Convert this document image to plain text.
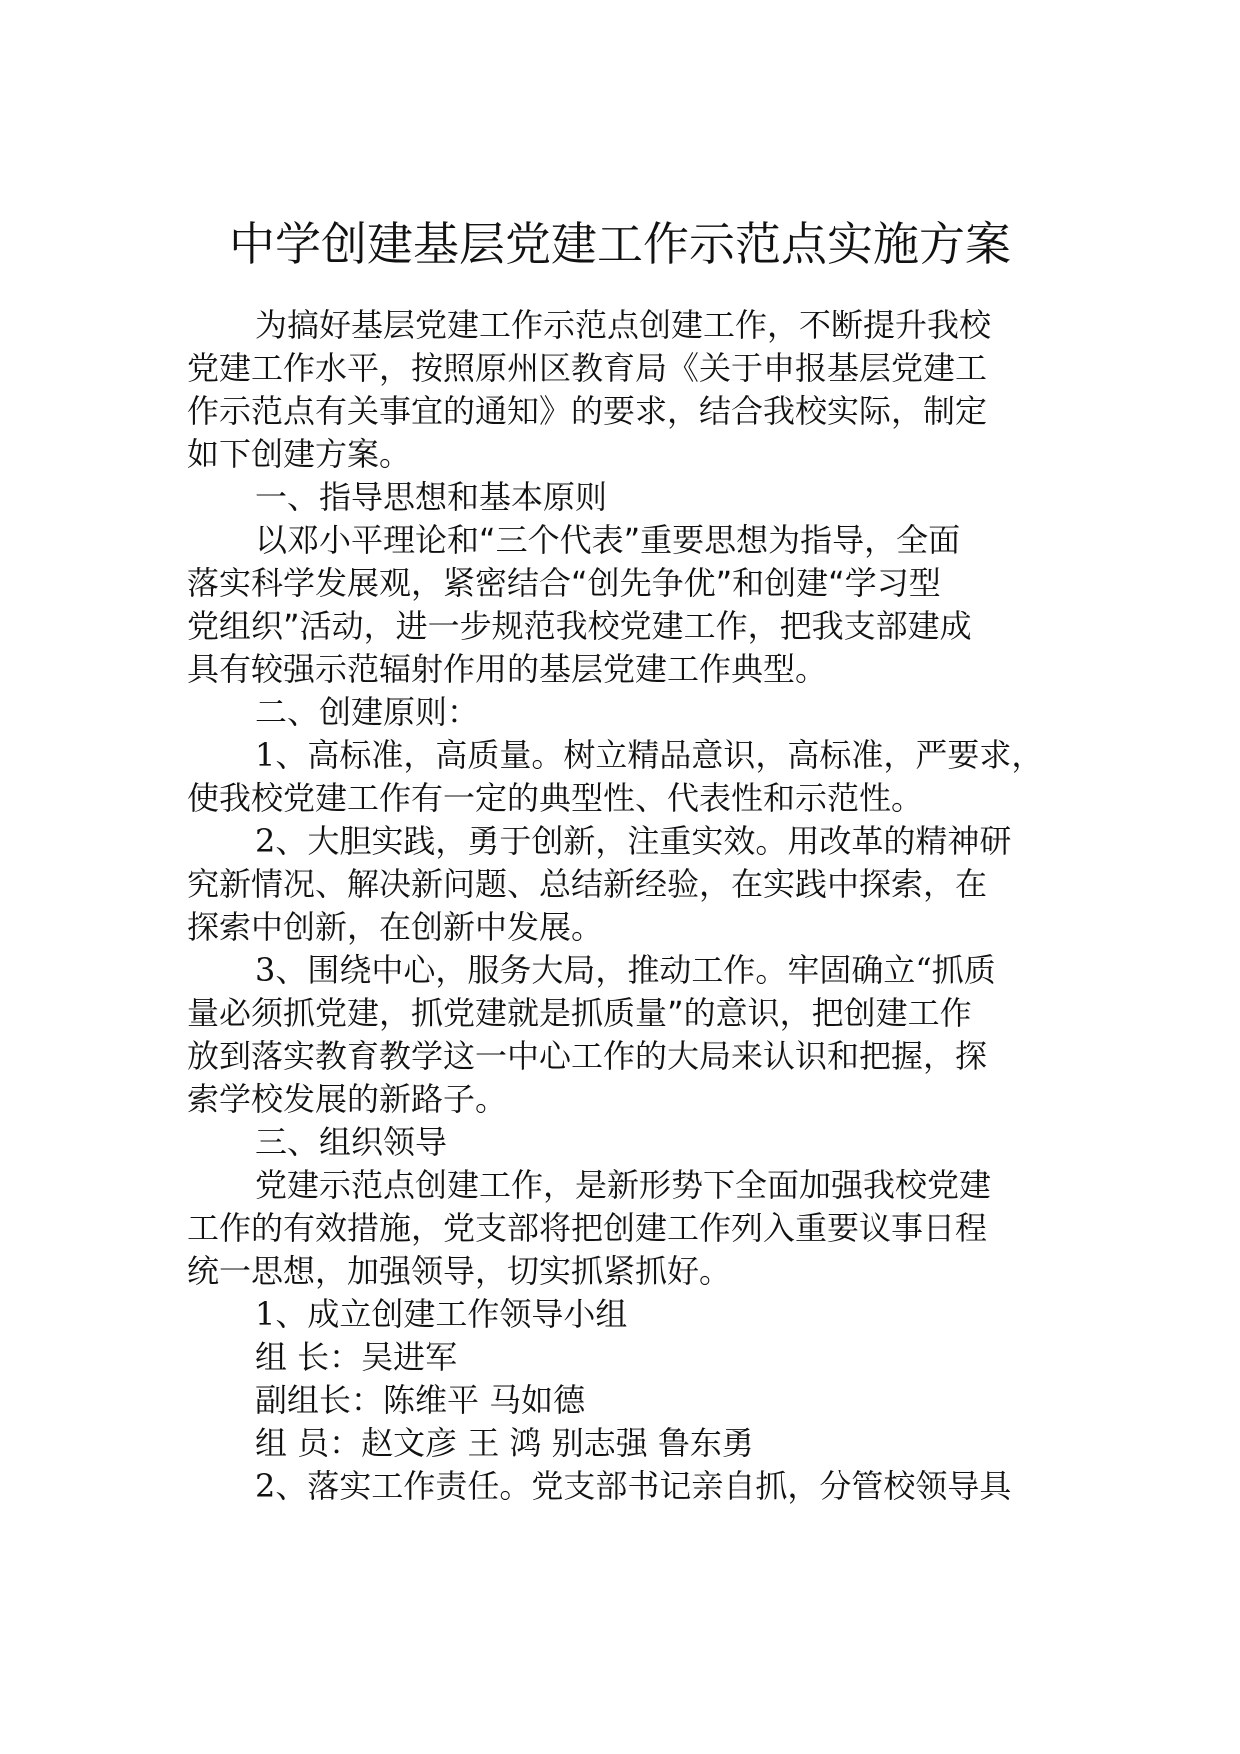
中学创建基层党建工作示范点实施方案
为搞好基层党建工作示范点创建工作，不断提升我校
党建工作水平，按照原州区教育局《关于申报基层党建工
作示范点有关事宜的通知》的要求，结合我校实际，制定
如下创建方案。
一、指导思想和基本原则
以邓小平理论和“三个代表”重要思想为指导，全面
落实科学发展观，紧密结合“创先争优”和创建“学习型
党组织”活动，进一步规范我校党建工作，把我支部建成
具有较强示范辐射作用的基层党建工作典型。
二、创建原则：
1、高标准，高质量。树立精品意识，高标准，严要求，
使我校党建工作有一定的典型性、代表性和示范性。
2、大胆实践，勇于创新，注重实效。用改革的精神研
究新情况、解决新问题、总结新经验，在实践中探索，在
探索中创新，在创新中发展。
3、围绕中心，服务大局，推动工作。牢固确立“抓质
量必须抓党建，抓党建就是抓质量”的意识，把创建工作
放到落实教育教学这一中心工作的大局来认识和把握，探
索学校发展的新路子。
三、组织领导
党建示范点创建工作，是新形势下全面加强我校党建
工作的有效措施，党支部将把创建工作列入重要议事日程
统一思想，加强领导，切实抓紧抓好。
1、成立创建工作领导小组
组 长：吴进军
副组长：陈维平 马如德
组 员：赵文彦 王 鸿 别志强 鲁东勇
2、落实工作责任。党支部书记亲自抓，分管校领导具
